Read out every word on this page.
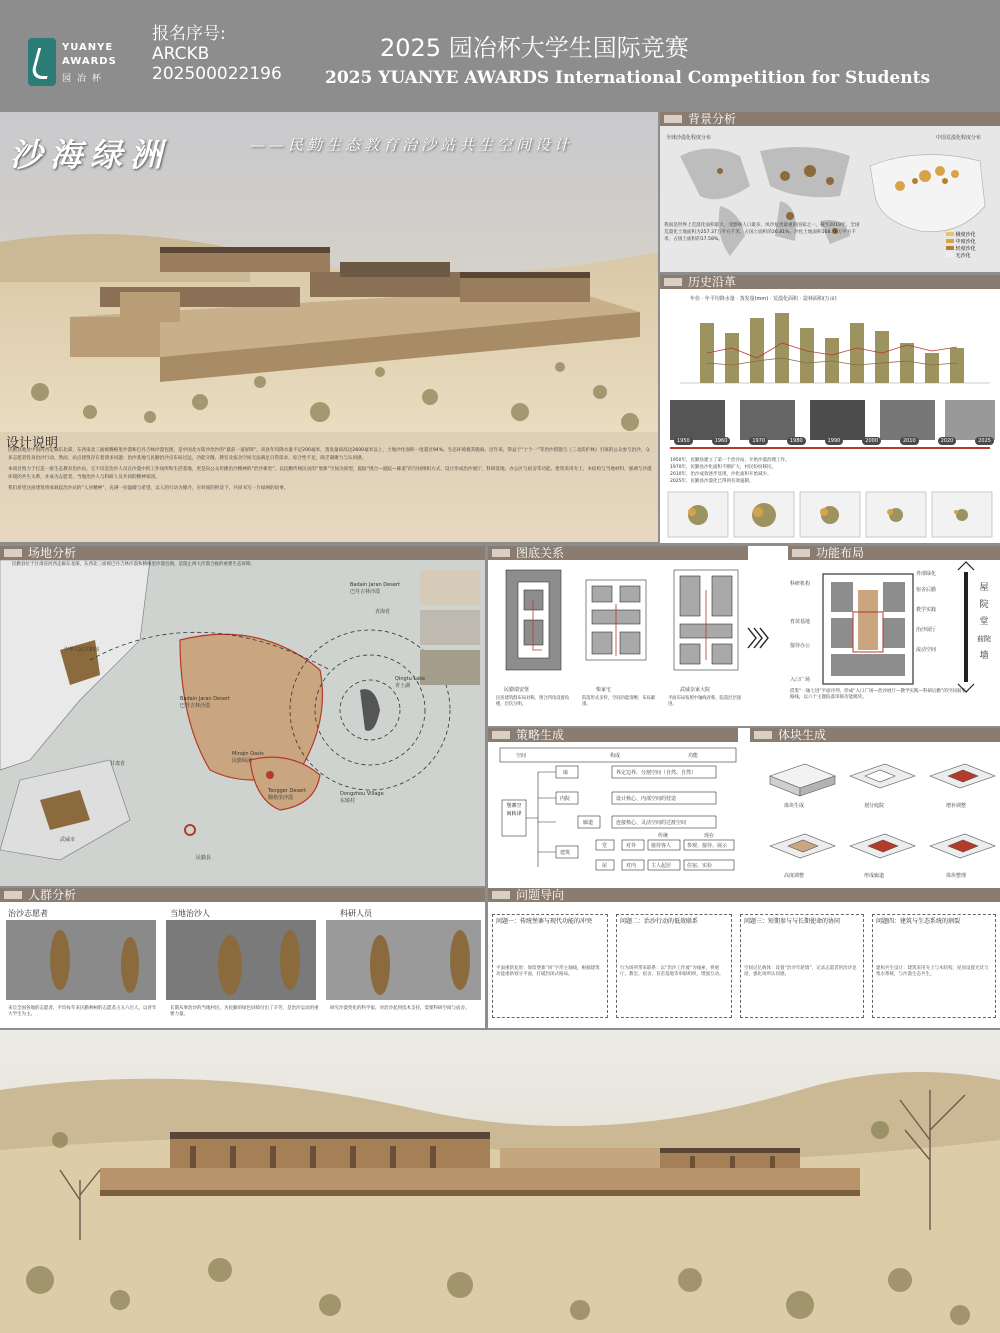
YUANYE
AWARDS
园冶杯
报名序号:
ARCKB
202500022196
2025 园冶杯大学生国际竞赛
2025 YUANYE AWARDS International Competition for Students
沙海绿洲	——民勤生态教育治沙站共生空间设计
设计说明

民勤县地处中国河西走廊东北部，东西南北三面被腾格里沙漠和巴丹吉林沙漠包围，是中国北方防沙治沙的“最前一道屏障”。该县年均降水量不足200毫米，蒸发量却高达2600毫米以上，土地沙化面积一度超过94%。生态环境极其脆弱。近年来，得益于“十个一”等治沙措施与《三北防护林》引领的公众参与治沙，众多志愿者投身治沙行动，然而，站点建筑存在着诸多问题：治沙基地与民勤治沙点布局过远，功能分散，教室及宿舍空间无法满足日常需求，综合性不足，缺乏凝聚力与认同感。

本项目致力于打造一座生态教育治沙站，它不仅是治沙人员在沙漠中的工作场所和生活基地，更是向公众传播治沙精神的“治沙课堂”。以民勤传统民居的“堡寨”空间为原型，提取“围合—庭院—廊道”的空间组织方式，设计形成治沙展厅、科研基地、办公区与宿舍等功能。建筑采用夯土、木结构与当地材料，强调与沙漠环境的共生关系，并成为志愿者、当地治沙人与科研人员共同的精神家园。

我们希望这座建筑将承载起治沙站的“人居精神”，充满一份温暖与希望，以人的行动为媒介，在时间的积淀下，共同书写一片绿洲的故事。

背景分析
全球沙漠化程度分布	中国荒漠化程度分布
我国是世界上荒漠化面积最大、受影响人口最多、风沙危害最重的国家之一。截至2019年，全国荒漠化土地面积为257.37万平方千米，占国土面积的26.81%，沙化土地面积168.78万平方千米，占国土面积的17.58%。
极度沙化
中度沙化
轻度沙化
无沙化
历史沿革
年份 · 年平均降水量 · 蒸发量(mm) · 荒漠化面积 · 造林面积(万亩)
1950	1960	1970	1980	1990	2000	2010	2020	2025
1950年，民勤县建立了第一个治沙站，开始沙漠治理工作。
1970年，民勤县沙化面积不断扩大，村民纷纷移民。
2010年，治沙成效逐步显现，沙化面积开始减少。
2025年，民勤县沙漠化已得到有效遏制。
场地分析
Badain Jaran Desert
巴丹吉林沙漠
Badain Jaran Desert
巴丹吉林沙漠
Tengger Desert
腾格里沙漠
Minqin Oasis
民勤绿洲
Qingtu Lake
青土湖
Dongzhou Village
东镇村
中华人民共和国
甘肃省
武威市
民勤县
青海省
民勤县位于甘肃省河西走廊东北部，东西北三面被巴丹吉林沙漠和腾格里沙漠包围，是阻止两大沙漠合拢的重要生态屏障。
图底关系	功能布局
民勤瑞安堡	柴家宅	武威杂家大院
民居建筑群布局对称、围合四角设置角楼，层次分明。
院落形式多样，空间功能清晰，布局紧凑。
平面布局按照中轴线对称，院落层层递进。
科研机构
育苗基地
接待办公
入口广场
外部绿化
宿舍后勤
教学实践
治沙展厅
流动空间
屋
院
堂
前院
墙
借鉴“一轴七进”平面序列，形成“入口广场—治沙展厅—教学实践—科研后勤”的空间叙事路线，以六个主题院落串联功能模块。
策略生成	体块生成
空间	构成	功能
堡寨空间转译
廓
内院
廊道
建筑
堂
屋
界定边界、分割空间（自然、自然）
设计核心、内部空间的营造
连接核心、灵活空间的过渡空间
传统	现在
对外	接待客人	参观、接待、展示
对内	主人起居	住宿、实验
体块生成	划分庭院	增补调整
高度调整	形成廊道	体块整理
人群分析
治沙志愿者	当地治沙人	科研人员
来自全国各地的志愿者，平均每年来民勤种树的志愿者占五六百人，以青年大学生为主。
长期从事治沙的当地村民，为民勤的绿色屏障付出了辛劳，是治沙运动的重要力量。
研究沙漠变化的科学家，对治沙起到技术支持，需要科研空间与宿舍。
问题导向
问题一：传统堡寨与现代功能的冲突
平面重新复原：保留堡寨“回”字形主轴线，根据建筑功能重新划分平面，打破封闭式格局。
问题二：治沙行动的低效联系
行为场所带来联系：以“治沙工作流”为线索，将展厅、教室、宿舍、育苗基地等串联组织，增强互动。
问题三：短期参与与长期使命的协同
空间记忆载体：设置“治沙年轮墙”，记录志愿者的治沙足迹，强化场所认同感。
问题四：建筑与生态系统的割裂
建构共生设计：建筑采用夯土与木结构，屋顶设置光伏与集水系统，与沙漠生态共生。
